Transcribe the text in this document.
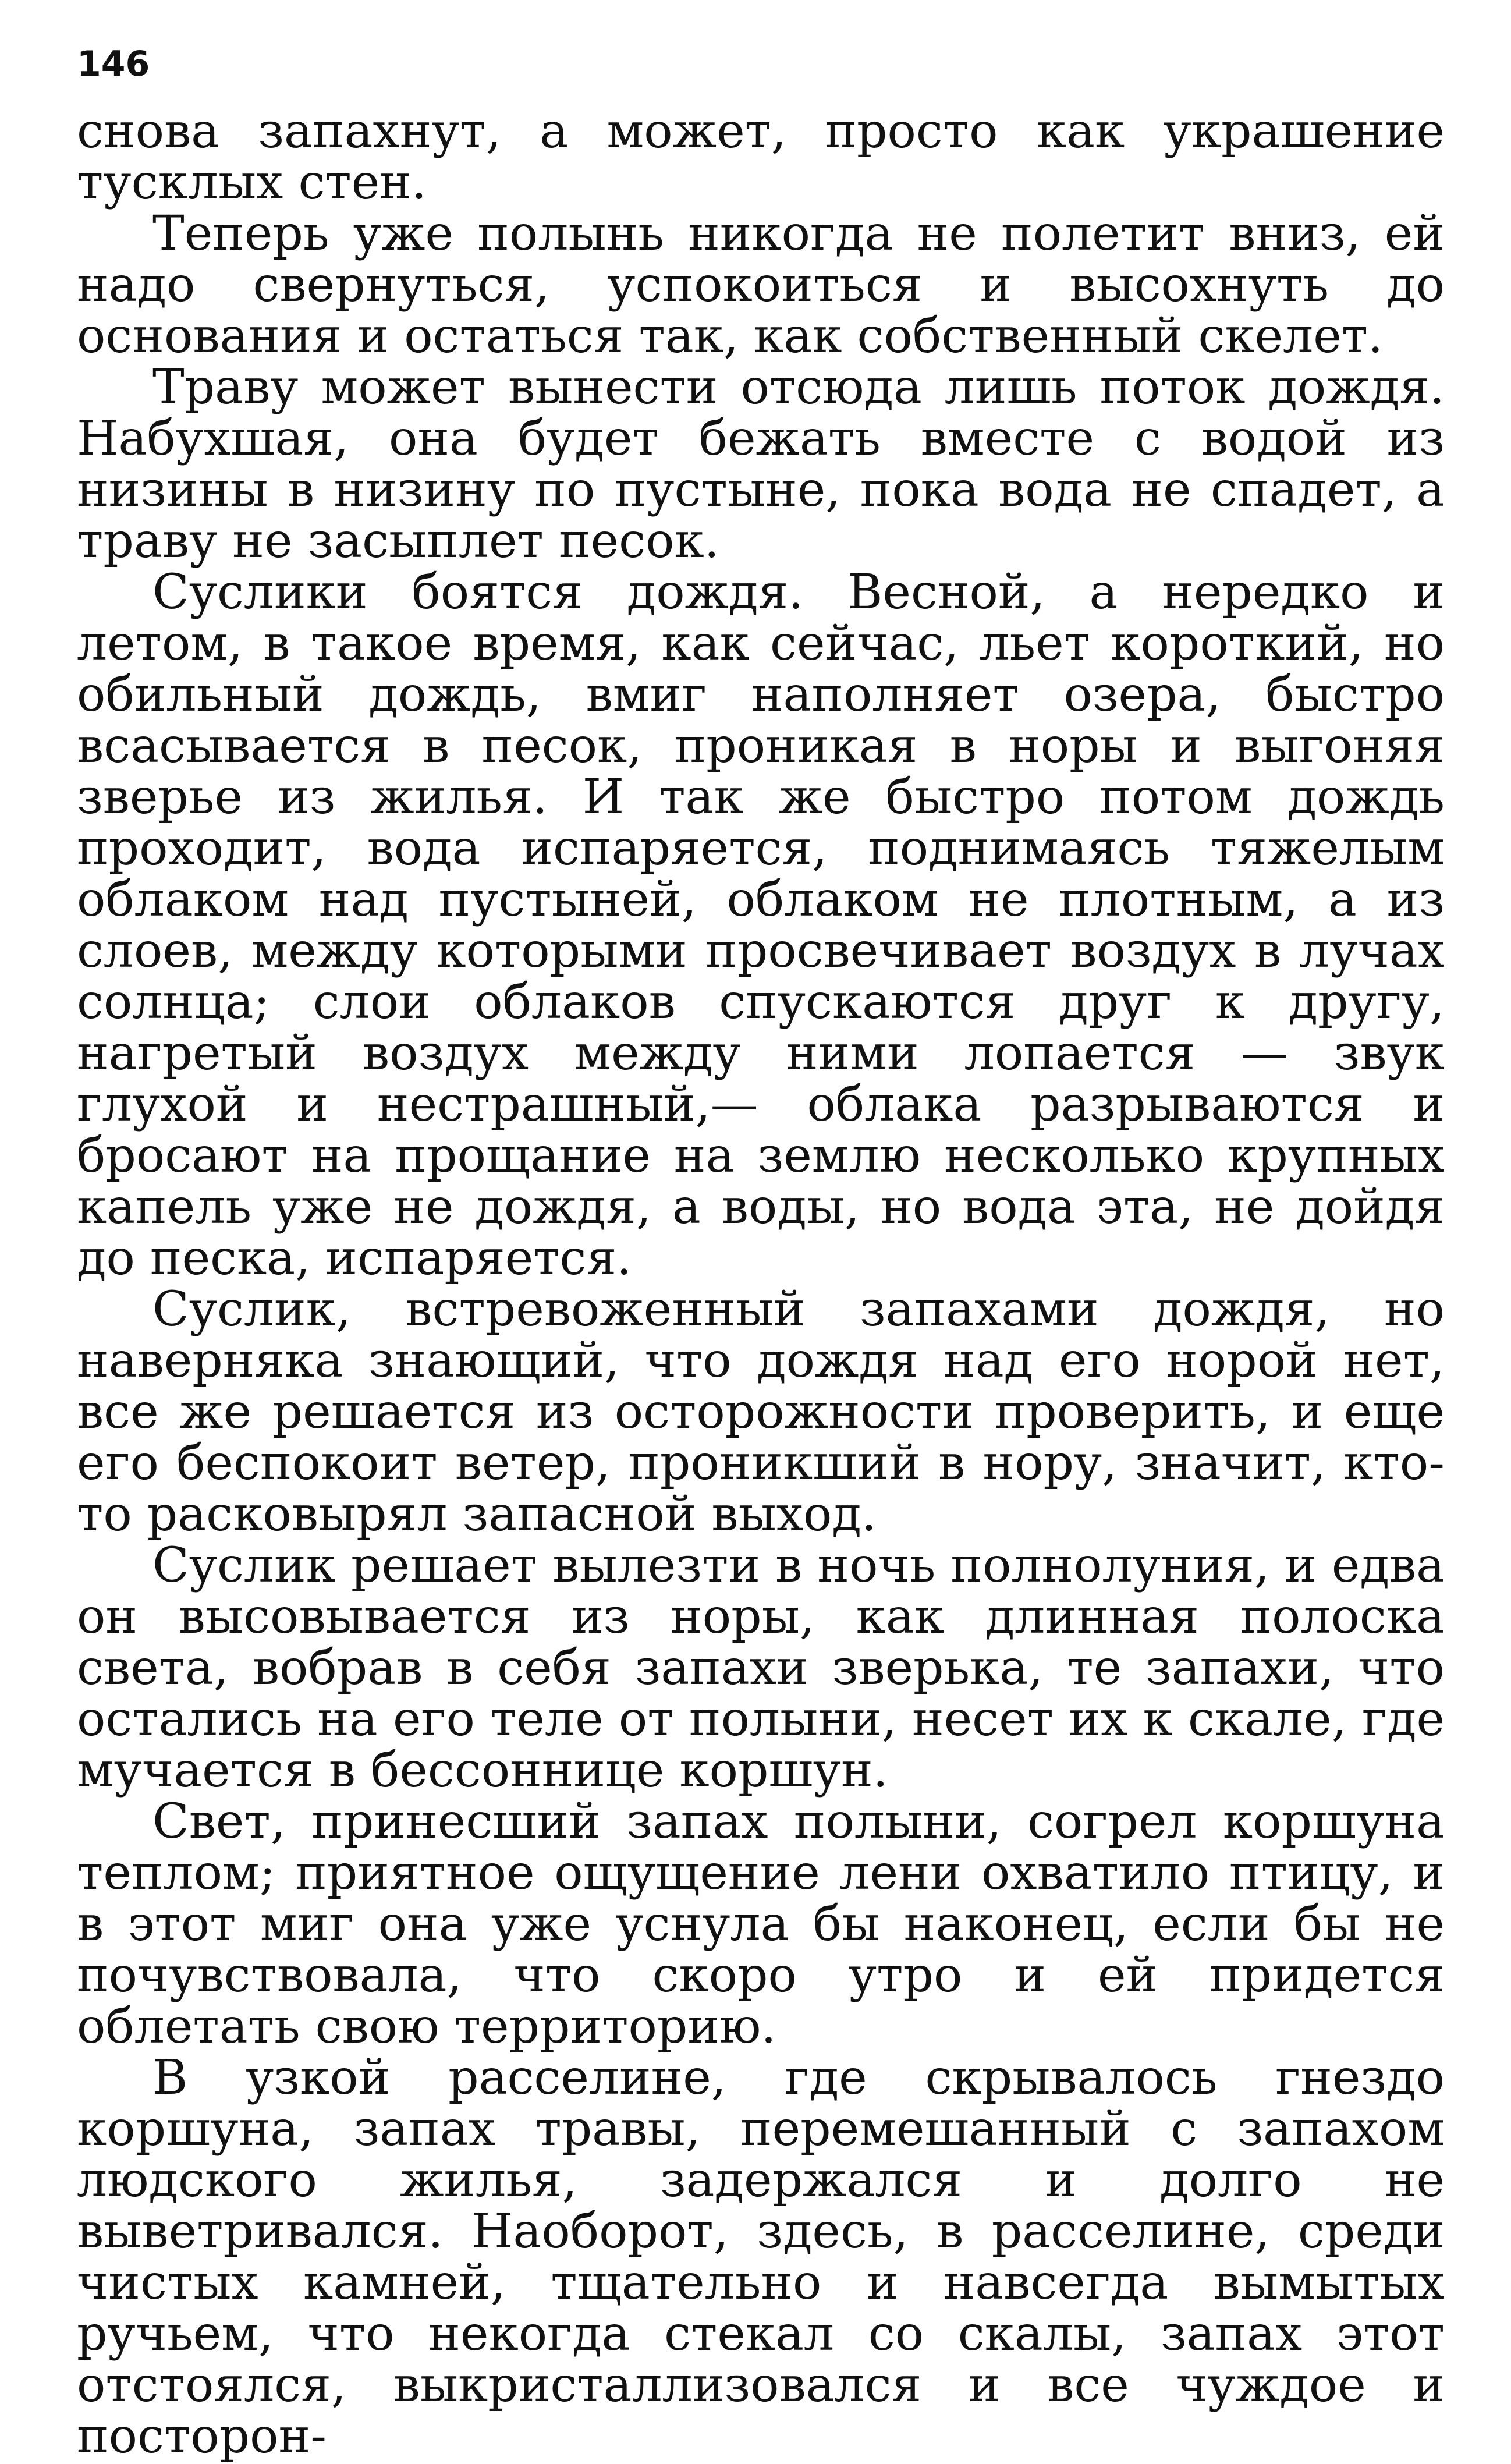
146

снова запахнут, а может, просто как украшение тусклых стен.

Теперь уже полынь никогда не полетит вниз, ей надо свернуться, успокоиться и высохнуть до основания и остаться так, как собственный скелет.

Траву может вынести отсюда лишь поток дождя. Набухшая, она будет бежать вместе с водой из низины в низину по пустыне, пока вода не спадет, а траву не засыплет песок.

Суслики боятся дождя. Весной, а нередко и летом, в такое время, как сейчас, льет короткий, но обильный дождь, вмиг наполняет озера, быстро всасывается в песок, проникая в норы и выгоняя зверье из жилья. И так же быстро потом дождь проходит, вода испаряется, поднимаясь тяжелым облаком над пустыней, облаком не плотным, а из слоев, между которыми просвечивает воздух в лучах солнца; слои облаков спускаются друг к другу, нагретый воздух между ними лопается — звук глухой и нестрашный,— облака разрываются и бросают на прощание на землю несколько крупных капель уже не дождя, а воды, но вода эта, не дойдя до песка, испаряется.

Суслик, встревоженный запахами дождя, но наверняка знающий, что дождя над его норой нет, все же решается из осторожности проверить, и еще его беспокоит ветер, проникший в нору, значит, кто-то расковырял запасной выход.

Суслик решает вылезти в ночь полнолуния, и едва он высовывается из норы, как длинная полоска света, вобрав в себя запахи зверька, те запахи, что остались на его теле от полыни, несет их к скале, где мучается в бессоннице коршун.

Свет, принесший запах полыни, согрел коршуна теплом; приятное ощущение лени охватило птицу, и в этот миг она уже уснула бы наконец, если бы не почувствовала, что скоро утро и ей придется облетать свою территорию.

В узкой расселине, где скрывалось гнездо коршуна, запах травы, перемешанный с запахом людского жилья, задержался и долго не выветривался. Наоборот, здесь, в расселине, среди чистых камней, тщательно и навсегда вымытых ручьем, что некогда стекал со скалы, запах этот отстоялся, выкристаллизовался и все чуждое и посторон-
